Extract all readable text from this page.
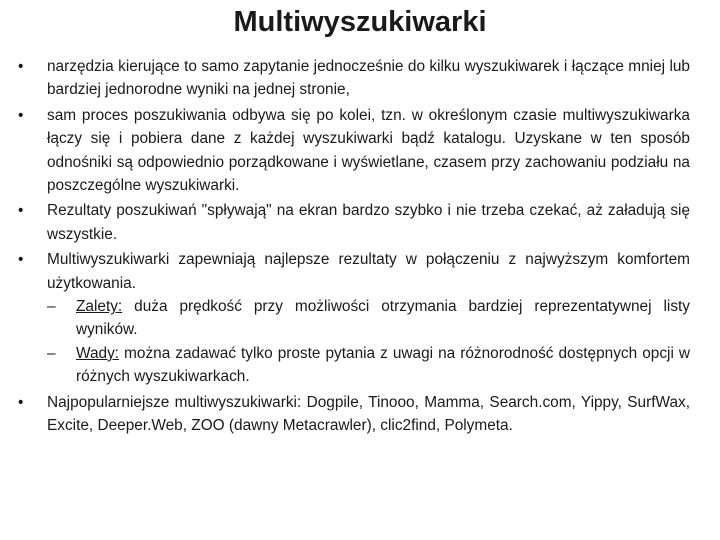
Multiwyszukiwarki
•	narzędzia kierujące to samo zapytanie jednocześnie do kilku wyszukiwarek i łączące mniej lub bardziej jednorodne wyniki na jednej stronie,
•	sam proces poszukiwania odbywa się po kolei, tzn. w określonym czasie multiwyszukiwarka łączy się i pobiera dane z każdej wyszukiwarki bądź katalogu. Uzyskane w ten sposób odnośniki są odpowiednio porządkowane i wyświetlane, czasem przy zachowaniu podziału na poszczególne wyszukiwarki.
•	Rezultaty poszukiwań "spływają" na ekran bardzo szybko i nie trzeba czekać, aż załadują się wszystkie.
•	Multiwyszukiwarki zapewniają najlepsze rezultaty w połączeniu z najwyższym komfortem użytkowania.
– Zalety: duża prędkość przy możliwości otrzymania bardziej reprezentatywnej listy wyników.
– Wady: można zadawać tylko proste pytania z uwagi na różnorodność dostępnych opcji w różnych wyszukiwarkach.
•	Najpopularniejsze multiwyszukiwarki: Dogpile, Tinooo, Mamma, Search.com, Yippy, SurfWax, Excite, Deeper.Web, ZOO (dawny Metacrawler), clic2find, Polymeta.
